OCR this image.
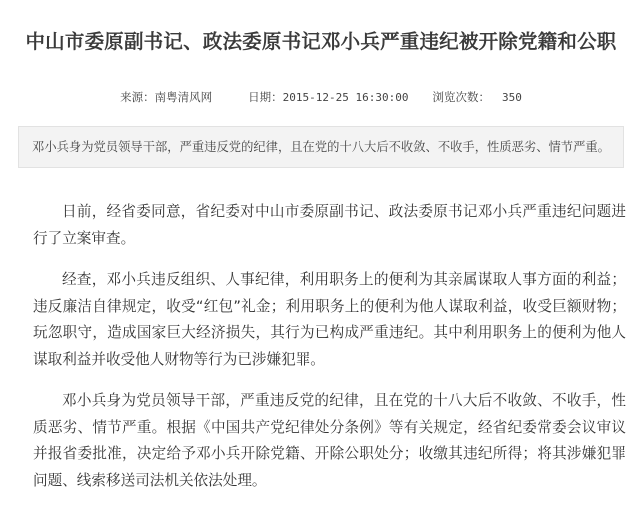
中山市委原副书记、政法委原书记邓小兵严重违纪被开除党籍和公职
来源：南粤清风网	日期：2015-12-25 16:30:00 浏览次数： 350
邓小兵身为党员领导干部，严重违反党的纪律，且在党的十八大后不收敛、不收手，性质恶劣、情节严重。

日前，经省委同意，省纪委对中山市委原副书记、政法委原书记邓小兵严重违纪问题进行了立案审查。

经查，邓小兵违反组织、人事纪律，利用职务上的便利为其亲属谋取人事方面的利益；违反廉洁自律规定，收受“红包”礼金；利用职务上的便利为他人谋取利益，收受巨额财物；玩忽职守，造成国家巨大经济损失，其行为已构成严重违纪。其中利用职务上的便利为他人谋取利益并收受他人财物等行为已涉嫌犯罪。

邓小兵身为党员领导干部，严重违反党的纪律，且在党的十八大后不收敛、不收手，性质恶劣、情节严重。根据《中国共产党纪律处分条例》等有关规定，经省纪委常委会议审议并报省委批准，决定给予邓小兵开除党籍、开除公职处分；收缴其违纪所得；将其涉嫌犯罪问题、线索移送司法机关依法处理。
